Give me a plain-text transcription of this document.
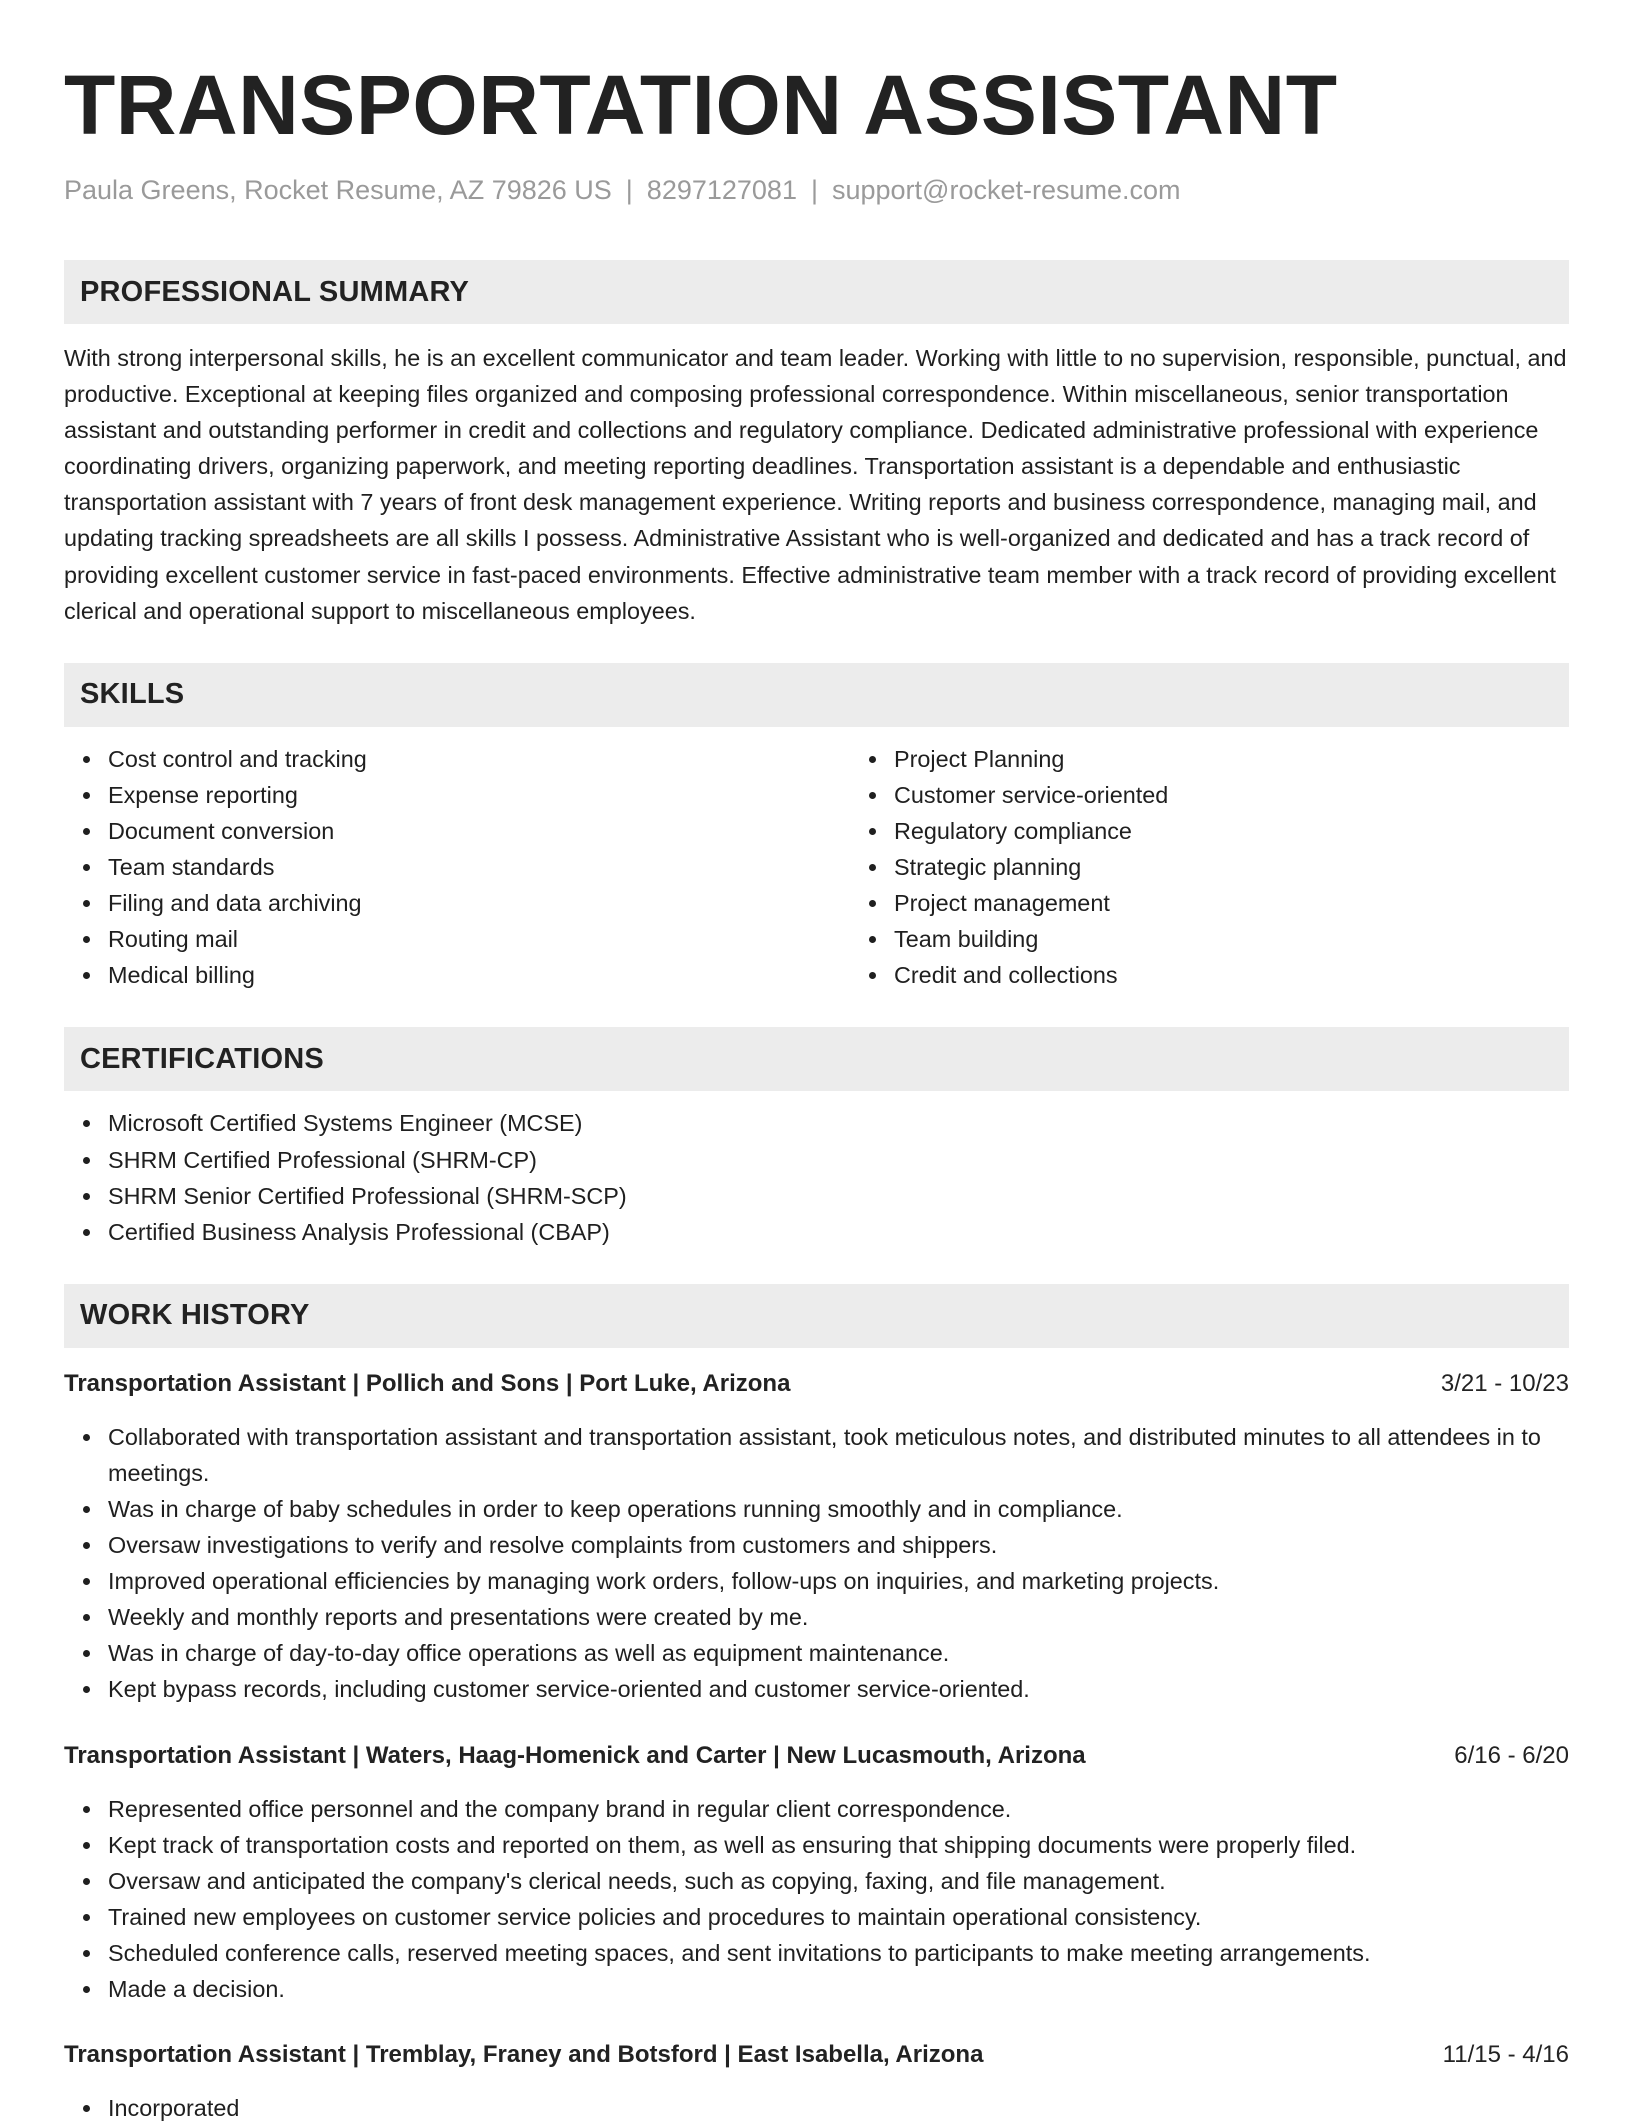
TRANSPORTATION ASSISTANT
Paula Greens, Rocket Resume, AZ 79826 US | 8297127081 | support@rocket-resume.com
PROFESSIONAL SUMMARY

With strong interpersonal skills, he is an excellent communicator and team leader. Working with little to no supervision, responsible, punctual, and productive. Exceptional at keeping files organized and composing professional correspondence. Within miscellaneous, senior transportation assistant and outstanding performer in credit and collections and regulatory compliance. Dedicated administrative professional with experience coordinating drivers, organizing paperwork, and meeting reporting deadlines. Transportation assistant is a dependable and enthusiastic transportation assistant with 7 years of front desk management experience. Writing reports and business correspondence, managing mail, and updating tracking spreadsheets are all skills I possess. Administrative Assistant who is well-organized and dedicated and has a track record of providing excellent customer service in fast-paced environments. Effective administrative team member with a track record of providing excellent clerical and operational support to miscellaneous employees.

SKILLS
Cost control and tracking
Expense reporting
Document conversion
Team standards
Filing and data archiving
Routing mail
Medical billing
Project Planning
Customer service-oriented
Regulatory compliance
Strategic planning
Project management
Team building
Credit and collections
CERTIFICATIONS
Microsoft Certified Systems Engineer (MCSE)
SHRM Certified Professional (SHRM-CP)
SHRM Senior Certified Professional (SHRM-SCP)
Certified Business Analysis Professional (CBAP)
WORK HISTORY
Transportation Assistant | Pollich and Sons | Port Luke, Arizona	3/21 - 10/23
Collaborated with transportation assistant and transportation assistant, took meticulous notes, and distributed minutes to all attendees in to meetings.
Was in charge of baby schedules in order to keep operations running smoothly and in compliance.
Oversaw investigations to verify and resolve complaints from customers and shippers.
Improved operational efficiencies by managing work orders, follow-ups on inquiries, and marketing projects.
Weekly and monthly reports and presentations were created by me.
Was in charge of day-to-day office operations as well as equipment maintenance.
Kept bypass records, including customer service-oriented and customer service-oriented.
Transportation Assistant | Waters, Haag-Homenick and Carter | New Lucasmouth, Arizona	6/16 - 6/20
Represented office personnel and the company brand in regular client correspondence.
Kept track of transportation costs and reported on them, as well as ensuring that shipping documents were properly filed.
Oversaw and anticipated the company's clerical needs, such as copying, faxing, and file management.
Trained new employees on customer service policies and procedures to maintain operational consistency.
Scheduled conference calls, reserved meeting spaces, and sent invitations to participants to make meeting arrangements.
Made a decision.
Transportation Assistant | Tremblay, Franey and Botsford | East Isabella, Arizona	11/15 - 4/16
Incorporated
